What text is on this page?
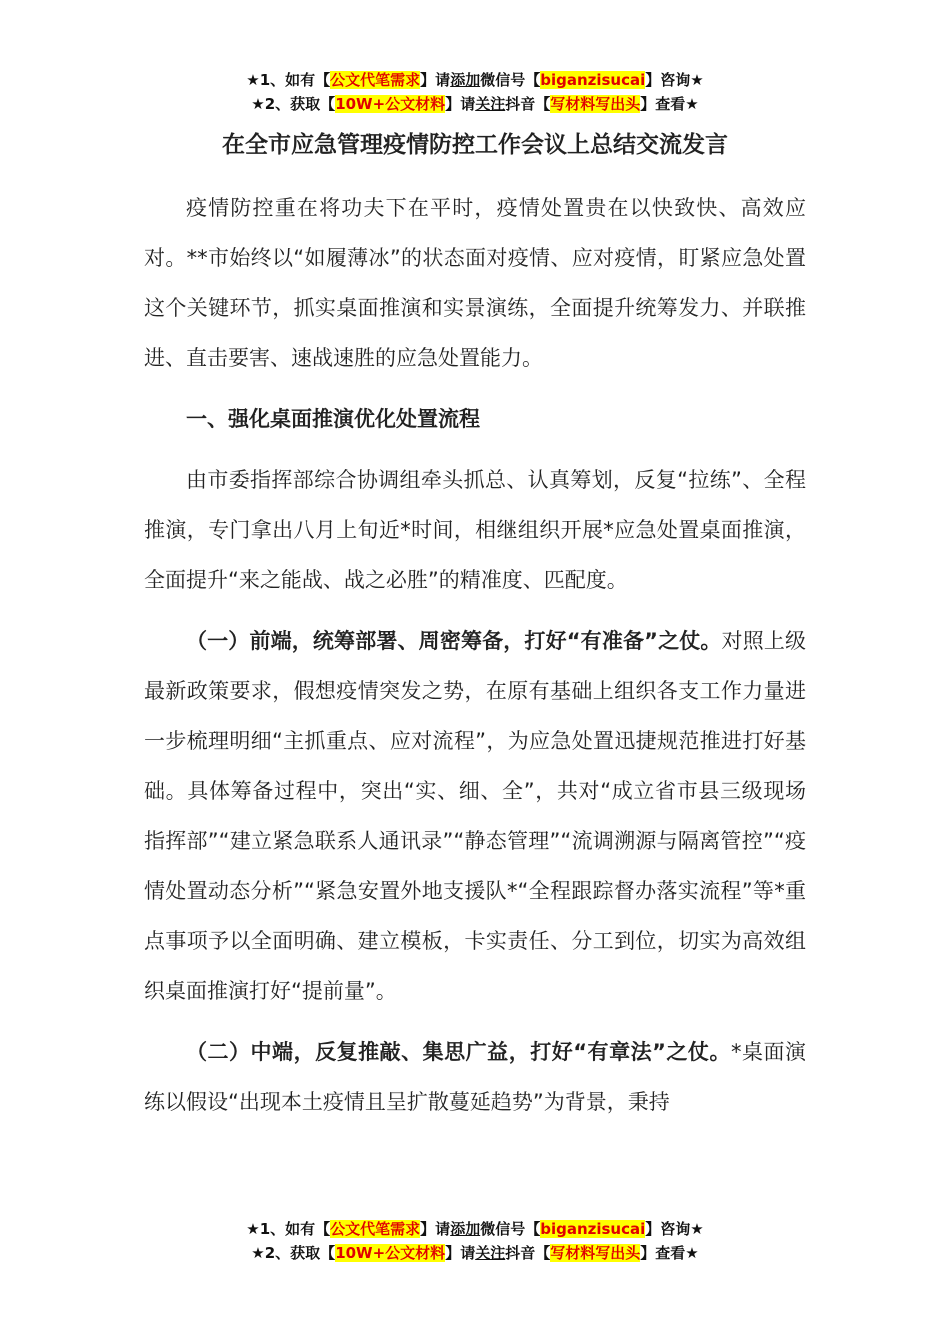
★1、如有【公文代笔需求】请添加微信号【biganzisucai】咨询★
★2、获取【10W+公文材料】请关注抖音【写材料写出头】查看★
在全市应急管理疫情防控工作会议上总结交流发言

疫情防控重在将功夫下在平时，疫情处置贵在以快致快、高效应对。**市始终以“如履薄冰”的状态面对疫情、应对疫情，盯紧应急处置这个关键环节，抓实桌面推演和实景演练，全面提升统筹发力、并联推进、直击要害、速战速胜的应急处置能力。

一、强化桌面推演优化处置流程

由市委指挥部综合协调组牵头抓总、认真筹划，反复“拉练”、全程推演，专门拿出八月上旬近*时间，相继组织开展*应急处置桌面推演，全面提升“来之能战、战之必胜”的精准度、匹配度。

（一）前端，统筹部署、周密筹备，打好“有准备”之仗。对照上级最新政策要求，假想疫情突发之势，在原有基础上组织各支工作力量进一步梳理明细“主抓重点、应对流程”，为应急处置迅捷规范推进打好基础。具体筹备过程中，突出“实、细、全”，共对“成立省市县三级现场指挥部”“建立紧急联系人通讯录”“静态管理”“流调溯源与隔离管控”“疫情处置动态分析”“紧急安置外地支援队*“全程跟踪督办落实流程”等*重点事项予以全面明确、建立模板，卡实责任、分工到位，切实为高效组织桌面推演打好“提前量”。

（二）中端，反复推敲、集思广益，打好“有章法”之仗。*桌面演练以假设“出现本土疫情且呈扩散蔓延趋势”为背景，秉持

★1、如有【公文代笔需求】请添加微信号【biganzisucai】咨询★
★2、获取【10W+公文材料】请关注抖音【写材料写出头】查看★
